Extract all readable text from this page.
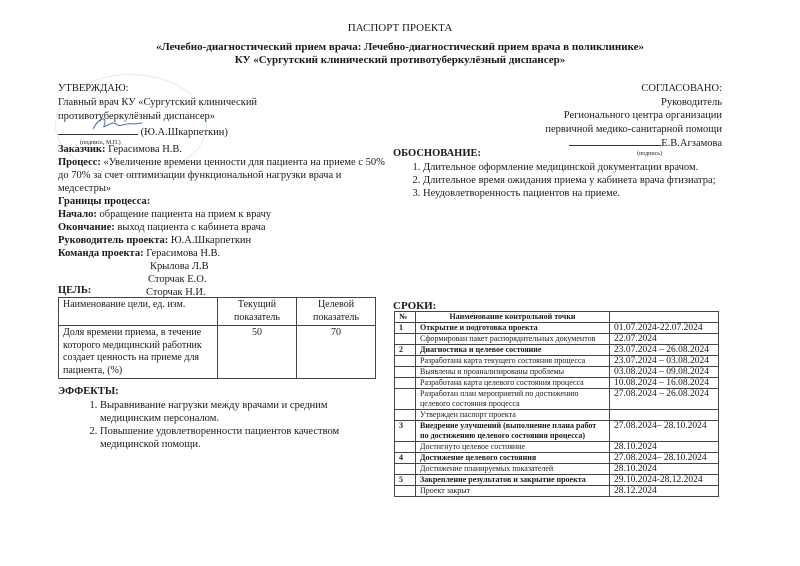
ПАСПОРТ ПРОЕКТА
«Лечебно-диагностический прием врача: Лечебно-диагностический прием врача в поликлинике»
КУ «Сургутский клинический противотуберкулёзный диспансер»
УТВЕРЖДАЮ:
Главный врач КУ «Сургутский клинический
противотуберкулёзный диспансер»
(Ю.А.Шкарпеткин)
(подпись, М.П.)
СОГЛАСОВАНО:
Руководитель
Регионального центра организации
первичной медико-санитарной помощи
Е.В.Агзамова
(подпись)
Заказчик: Герасимова Н.В.
Процесс: «Увеличение времени ценности для пациента на приеме с 50% до 70% за счет оптимизации функциональной нагрузки врача и медсестры»
Границы процесса:
Начало: обращение пациента на прием к врачу
Окончание: выход пациента с кабинета врача
Руководитель проекта: Ю.А.Шкарпеткин
Команда проекта: Герасимова Н.В.
Крылова Л.В
Сторчак Е.О.
Сторчак Н.И.
ОБОСНОВАНИЕ:
1. Длительное оформление медицинской документации врачом.
2. Длительное время ожидания приема у кабинета врача фтизиатра;
3. Неудовлетворенность пациентов на приеме.
ЦЕЛЬ:
Наименование цели, ед. изм.	Текущий показатель	Целевой показатель
Доля времени приема, в течение которого медицинский работник создает ценность на приеме для пациента, (%)	50	70
ЭФФЕКТЫ:
1. Выравнивание нагрузки между врачами и средним медицинским персоналом.
2. Повышение удовлетворенности пациентов качеством медицинской помощи.
СРОКИ:
№	Наименование контрольной точки	
1	Открытие и подготовка проекта	01.07.2024-22.07.2024
	Сформирован пакет распорядительных документов	22.07.2024
2	Диагностика и целевое состояние	23.07.2024 – 26.08.2024
	Разработана карта текущего состояния процесса	23.07.2024 – 03.08.2024
	Выявлены и проанализированы проблемы	03.08.2024 – 09.08.2024
	Разработана карта целевого состояния процесса	10.08.2024 – 16.08.2024
	Разработан план мероприятий по достижению целевого состояния процесса	27.08.2024 – 26.08.2024
	Утвержден паспорт проекта	
3	Внедрение улучшений (выполнение плана работ по достижению целевого состояния процесса)	27.08.2024– 28.10.2024
	Достигнуто целевое состояние	28.10.2024
4	Достижение целевого состояния	27.08.2024– 28.10.2024
	Достижение планируемых показателей	28.10.2024
5	Закрепление результатов и закрытие проекта	29.10.2024-28.12.2024
	Проект закрыт	28.12.2024
